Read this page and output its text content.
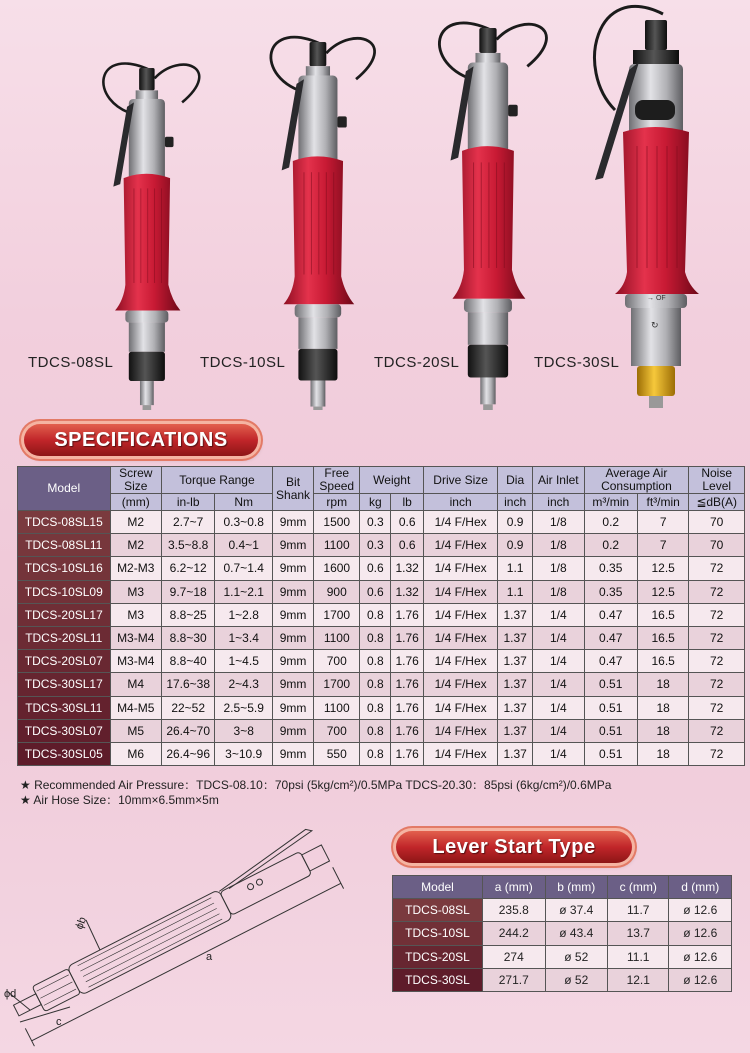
→ OF
↻
TDCS-08SL	TDCS-10SL	TDCS-20SL	TDCS-30SL
SPECIFICATIONS
Model	Screw Size	Torque Range		Bit Shank	Free Speed	Weight		Drive Size	Dia	Air Inlet	Average Air Consumption		Noise Level
	(mm)	in-lb	Nm		rpm	kg	lb	inch	inch	inch	m³/min	ft³/min	≦dB(A)
TDCS-08SL15	M2	2.7~7	0.3~0.8	9mm	1500	0.3	0.6	1/4 F/Hex	0.9	1/8	0.2	7	70
TDCS-08SL11	M2	3.5~8.8	0.4~1	9mm	1100	0.3	0.6	1/4 F/Hex	0.9	1/8	0.2	7	70
TDCS-10SL16	M2-M3	6.2~12	0.7~1.4	9mm	1600	0.6	1.32	1/4 F/Hex	1.1	1/8	0.35	12.5	72
TDCS-10SL09	M3	9.7~18	1.1~2.1	9mm	900	0.6	1.32	1/4 F/Hex	1.1	1/8	0.35	12.5	72
TDCS-20SL17	M3	8.8~25	1~2.8	9mm	1700	0.8	1.76	1/4 F/Hex	1.37	1/4	0.47	16.5	72
TDCS-20SL11	M3-M4	8.8~30	1~3.4	9mm	1100	0.8	1.76	1/4 F/Hex	1.37	1/4	0.47	16.5	72
TDCS-20SL07	M3-M4	8.8~40	1~4.5	9mm	700	0.8	1.76	1/4 F/Hex	1.37	1/4	0.47	16.5	72
TDCS-30SL17	M4	17.6~38	2~4.3	9mm	1700	0.8	1.76	1/4 F/Hex	1.37	1/4	0.51	18	72
TDCS-30SL11	M4-M5	22~52	2.5~5.9	9mm	1100	0.8	1.76	1/4 F/Hex	1.37	1/4	0.51	18	72
TDCS-30SL07	M5	26.4~70	3~8	9mm	700	0.8	1.76	1/4 F/Hex	1.37	1/4	0.51	18	72
TDCS-30SL05	M6	26.4~96	3~10.9	9mm	550	0.8	1.76	1/4 F/Hex	1.37	1/4	0.51	18	72
★ Recommended Air Pressure：TDCS-08.10：70psi (5kg/cm²)/0.5MPa TDCS-20.30：85psi (6kg/cm²)/0.6MPa
★ Air Hose Size：10mm×6.5mm×5m
a
ϕb
c
ϕd
Lever Start Type
Model	a (mm)	b (mm)	c (mm)	d (mm)
TDCS-08SL	235.8	ø 37.4	11.7	ø 12.6
TDCS-10SL	244.2	ø 43.4	13.7	ø 12.6
TDCS-20SL	274	ø 52	11.1	ø 12.6
TDCS-30SL	271.7	ø 52	12.1	ø 12.6
